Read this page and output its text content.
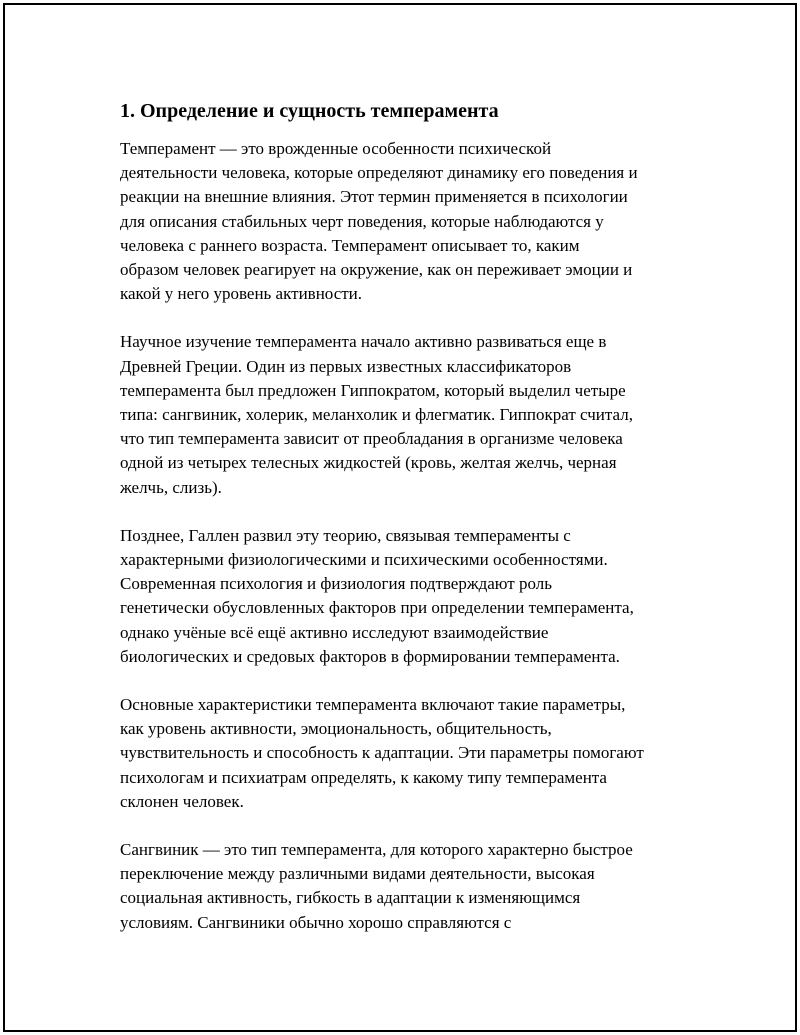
1. Определение и сущность темперамента

Темперамент — это врожденные особенности психической
деятельности человека, которые определяют динамику его поведения и
реакции на внешние влияния. Этот термин применяется в психологии
для описания стабильных черт поведения, которые наблюдаются у
человека с раннего возраста. Темперамент описывает то, каким
образом человек реагирует на окружение, как он переживает эмоции и
какой у него уровень активности.

Научное изучение темперамента начало активно развиваться еще в
Древней Греции. Один из первых известных классификаторов
темперамента был предложен Гиппократом, который выделил четыре
типа: сангвиник, холерик, меланхолик и флегматик. Гиппократ считал,
что тип темперамента зависит от преобладания в организме человека
одной из четырех телесных жидкостей (кровь, желтая желчь, черная
желчь, слизь).

Позднее, Галлен развил эту теорию, связывая темпераменты с
характерными физиологическими и психическими особенностями.
Современная психология и физиология подтверждают роль
генетически обусловленных факторов при определении темперамента,
однако учёные всё ещё активно исследуют взаимодействие
биологических и средовых факторов в формировании темперамента.

Основные характеристики темперамента включают такие параметры,
как уровень активности, эмоциональность, общительность,
чувствительность и способность к адаптации. Эти параметры помогают
психологам и психиатрам определять, к какому типу темперамента
склонен человек.

Сангвиник — это тип темперамента, для которого характерно быстрое
переключение между различными видами деятельности, высокая
социальная активность, гибкость в адаптации к изменяющимся
условиям. Сангвиники обычно хорошо справляются с
